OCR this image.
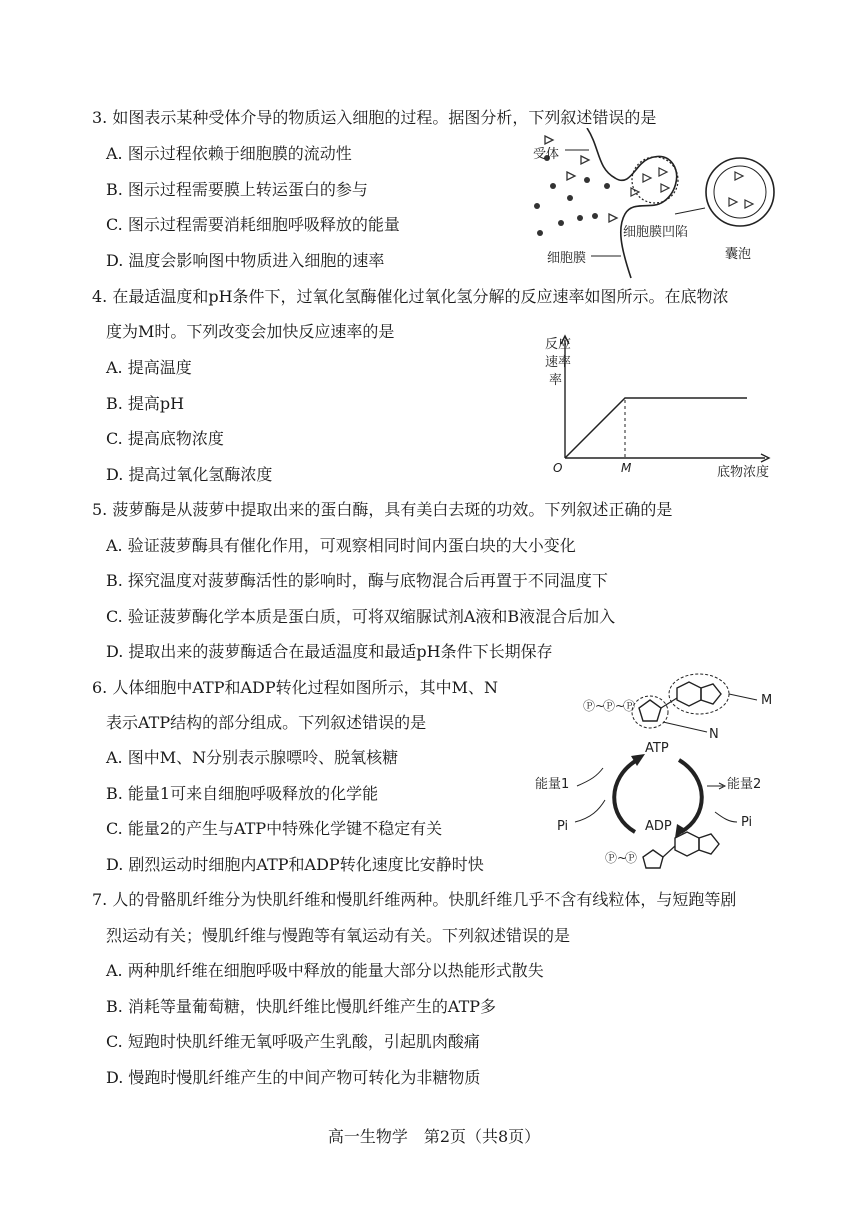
3. 如图表示某种受体介导的物质运入细胞的过程。据图分析，下列叙述错误的是
A. 图示过程依赖于细胞膜的流动性
B. 图示过程需要膜上转运蛋白的参与
C. 图示过程需要消耗细胞呼吸释放的能量
D. 温度会影响图中物质进入细胞的速率
受体
细胞膜
细胞膜凹陷
囊泡
4. 在最适温度和pH条件下，过氧化氢酶催化过氧化氢分解的反应速率如图所示。在底物浓
度为M时。下列改变会加快反应速率的是
A. 提高温度
B. 提高pH
C. 提高底物浓度
D. 提高过氧化氢酶浓度
反应
速率
率
O	M	底物浓度
5. 菠萝酶是从菠萝中提取出来的蛋白酶，具有美白去斑的功效。下列叙述正确的是
A. 验证菠萝酶具有催化作用，可观察相同时间内蛋白块的大小变化
B. 探究温度对菠萝酶活性的影响时，酶与底物混合后再置于不同温度下
C. 验证菠萝酶化学本质是蛋白质，可将双缩脲试剂A液和B液混合后加入
D. 提取出来的菠萝酶适合在最适温度和最适pH条件下长期保存
6. 人体细胞中ATP和ADP转化过程如图所示，其中M、N
表示ATP结构的部分组成。下列叙述错误的是
A. 图中M、N分别表示腺嘌呤、脱氧核糖
B. 能量1可来自细胞呼吸释放的化学能
C. 能量2的产生与ATP中特殊化学键不稳定有关
D. 剧烈运动时细胞内ATP和ADP转化速度比安静时快
Ⓟ ~
Ⓟ ~
Ⓟ	M
N
ATP
能量1
Pi
能量2
ADP	Pi
Ⓟ ~
Ⓟ
7. 人的骨骼肌纤维分为快肌纤维和慢肌纤维两种。快肌纤维几乎不含有线粒体，与短跑等剧
烈运动有关；慢肌纤维与慢跑等有氧运动有关。下列叙述错误的是
A. 两种肌纤维在细胞呼吸中释放的能量大部分以热能形式散失
B. 消耗等量葡萄糖，快肌纤维比慢肌纤维产生的ATP多
C. 短跑时快肌纤维无氧呼吸产生乳酸，引起肌肉酸痛
D. 慢跑时慢肌纤维产生的中间产物可转化为非糖物质
高一生物学　第2页（共8页）
